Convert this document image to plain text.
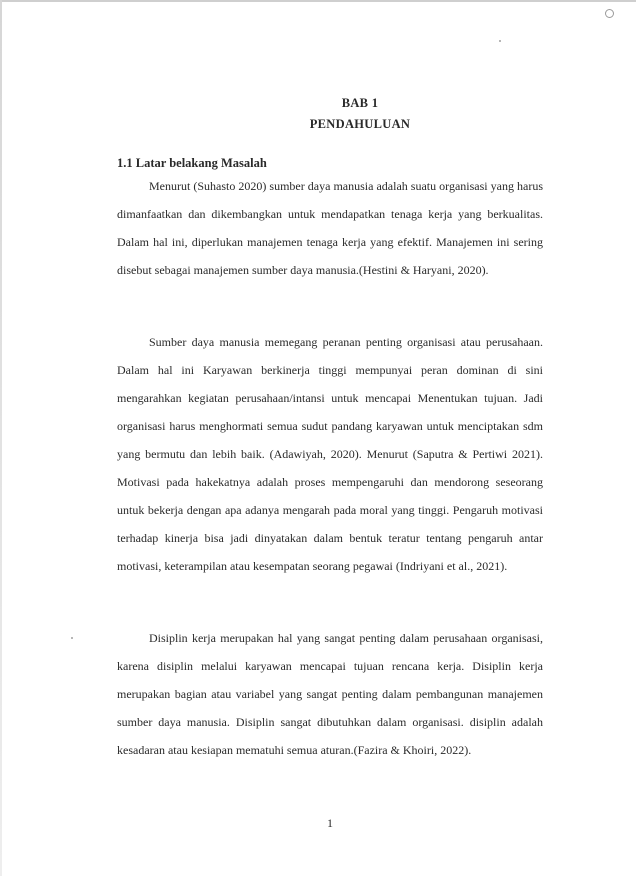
BAB 1
PENDAHULUAN
1.1 Latar belakang Masalah

Menurut (Suhasto 2020) sumber daya manusia adalah suatu organisasi yang harus dimanfaatkan dan dikembangkan untuk mendapatkan tenaga kerja yang berkualitas. Dalam hal ini, diperlukan manajemen tenaga kerja yang efektif. Manajemen ini sering disebut sebagai manajemen sumber daya manusia.(Hestini & Haryani, 2020).

Sumber daya manusia memegang peranan penting organisasi atau perusahaan. Dalam hal ini Karyawan berkinerja tinggi mempunyai peran dominan di sini mengarahkan kegiatan perusahaan/intansi untuk mencapai Menentukan tujuan. Jadi organisasi harus menghormati semua sudut pandang karyawan untuk menciptakan sdm yang bermutu dan lebih baik. (Adawiyah, 2020). Menurut (Saputra & Pertiwi 2021). Motivasi pada hakekatnya adalah proses mempengaruhi dan mendorong seseorang untuk bekerja dengan apa adanya mengarah pada moral yang tinggi. Pengaruh motivasi terhadap kinerja bisa jadi dinyatakan dalam bentuk teratur tentang pengaruh antar motivasi, keterampilan atau kesempatan seorang pegawai (Indriyani et al., 2021).

Disiplin kerja merupakan hal yang sangat penting dalam perusahaan organisasi, karena disiplin melalui karyawan mencapai tujuan rencana kerja. Disiplin kerja merupakan bagian atau variabel yang sangat penting dalam pembangunan manajemen sumber daya manusia. Disiplin sangat dibutuhkan dalam organisasi. disiplin adalah kesadaran atau kesiapan mematuhi semua aturan.(Fazira & Khoiri, 2022).

1
